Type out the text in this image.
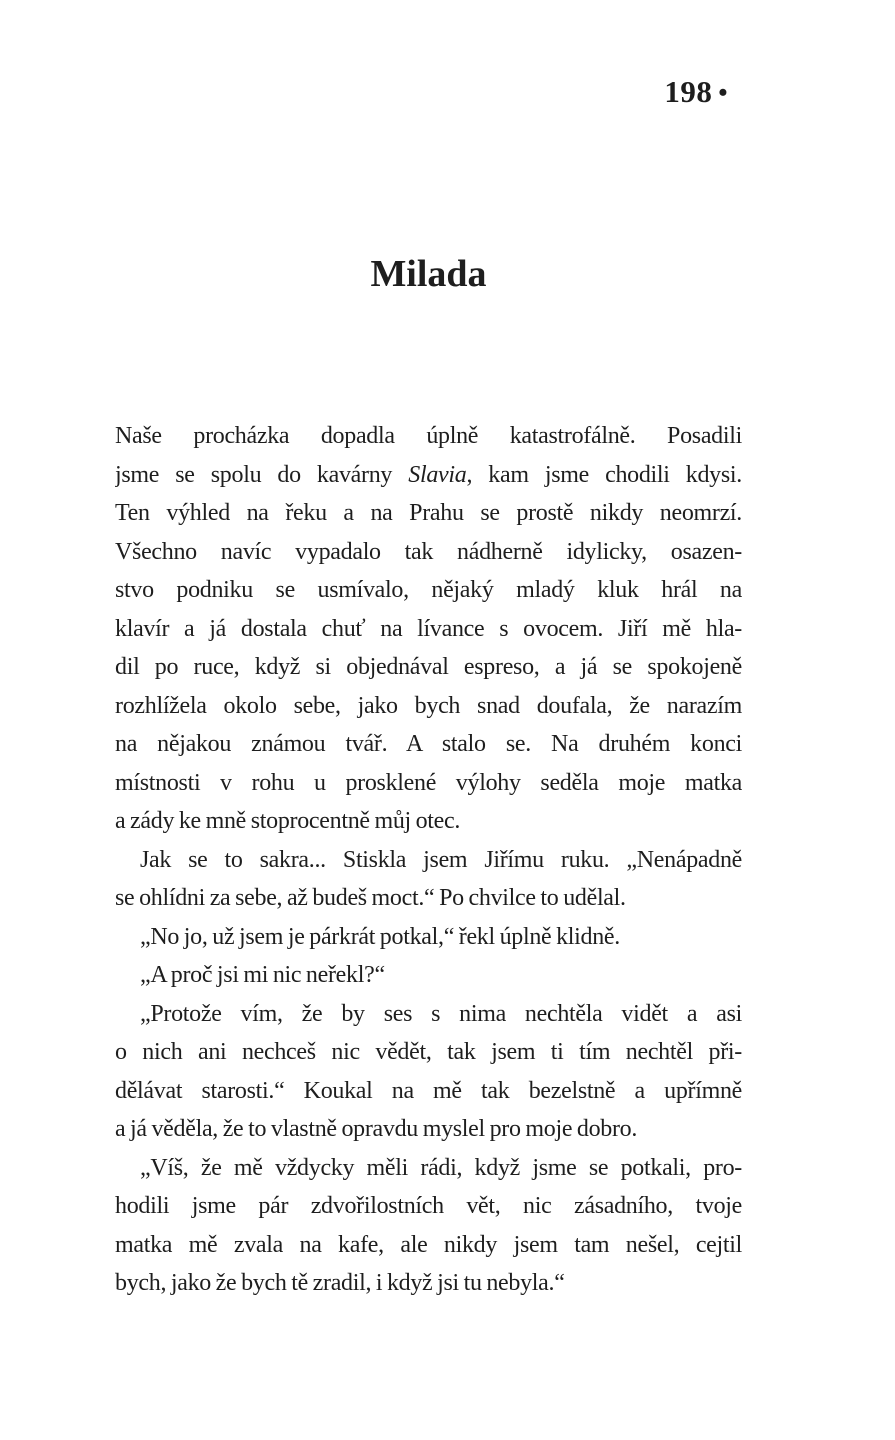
198 •
Milada
Naše procházka dopadla úplně katastrofálně. Posadili
jsme se spolu do kavárny Slavia, kam jsme chodili kdysi.
Ten výhled na řeku a na Prahu se prostě nikdy neomrzí.
Všechno navíc vypadalo tak nádherně idylicky, osazen-
stvo podniku se usmívalo, nějaký mladý kluk hrál na
klavír a já dostala chuť na lívance s ovocem. Jiří mě hla-
dil po ruce, když si objednával espreso, a já se spokojeně
rozhlížela okolo sebe, jako bych snad doufala, že narazím
na nějakou známou tvář. A stalo se. Na druhém konci
místnosti v rohu u prosklené výlohy seděla moje matka
a zády ke mně stoprocentně můj otec.
Jak se to sakra... Stiskla jsem Jiřímu ruku. „Nenápadně
se ohlídni za sebe, až budeš moct.“ Po chvilce to udělal.
„No jo, už jsem je párkrát potkal,“ řekl úplně klidně.
„A proč jsi mi nic neřekl?“
„Protože vím, že by ses s nima nechtěla vidět a asi
o nich ani nechceš nic vědět, tak jsem ti tím nechtěl při-
dělávat starosti.“ Koukal na mě tak bezelstně a upřímně
a já věděla, že to vlastně opravdu myslel pro moje dobro.
„Víš, že mě vždycky měli rádi, když jsme se potkali, pro-
hodili jsme pár zdvořilostních vět, nic zásadního, tvoje
matka mě zvala na kafe, ale nikdy jsem tam nešel, cejtil
bych, jako že bych tě zradil, i když jsi tu nebyla.“
